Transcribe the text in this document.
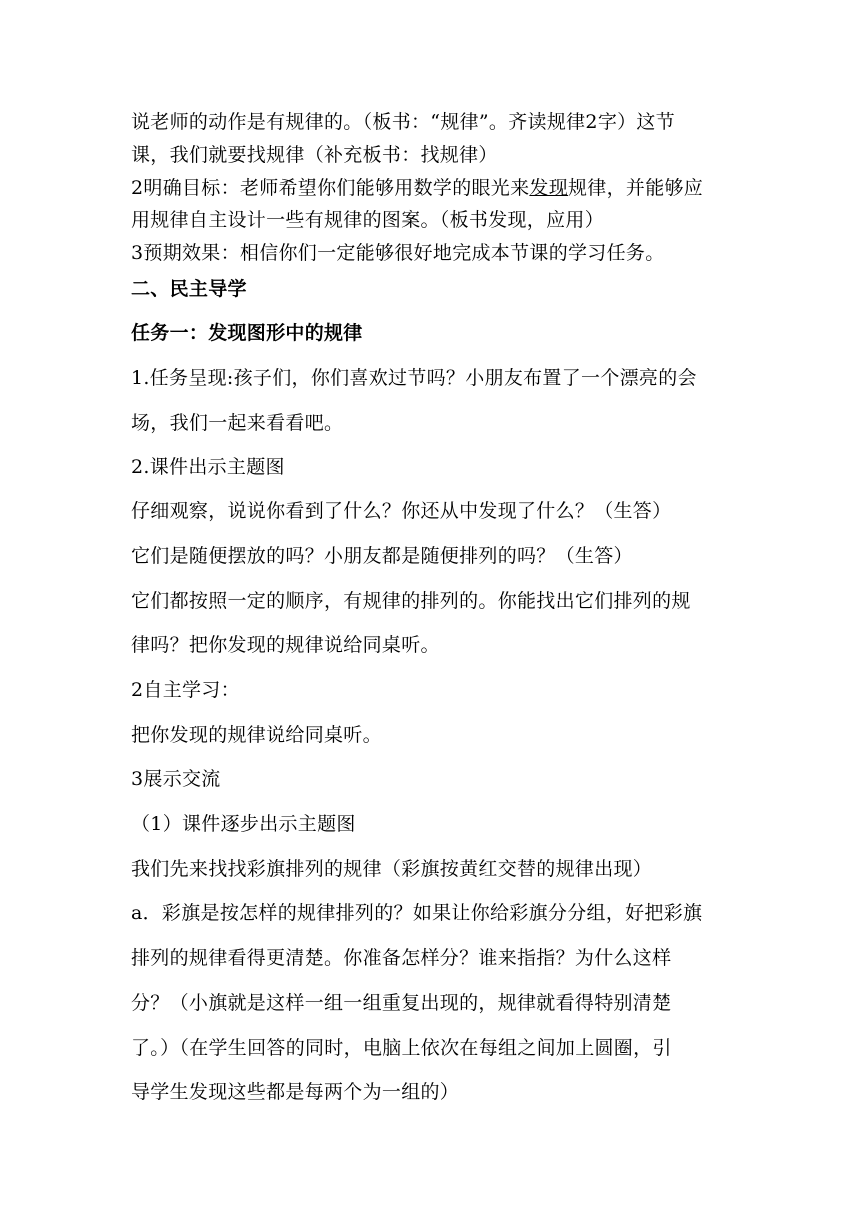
说老师的动作是有规律的。（板书：“规律”。齐读规律2字）这节
课，我们就要找规律（补充板书：找规律）
2明确目标：老师希望你们能够用数学的眼光来发现规律，并能够应
用规律自主设计一些有规律的图案。（板书发现，应用）
3预期效果：相信你们一定能够很好地完成本节课的学习任务。
二、民主导学
任务一：发现图形中的规律
1.任务呈现:孩子们，你们喜欢过节吗？小朋友布置了一个漂亮的会
场，我们一起来看看吧。
2.课件出示主题图
仔细观察，说说你看到了什么？你还从中发现了什么？（生答）
它们是随便摆放的吗？小朋友都是随便排列的吗？（生答）
它们都按照一定的顺序，有规律的排列的。你能找出它们排列的规
律吗？把你发现的规律说给同桌听。
2自主学习：
把你发现的规律说给同桌听。
3展示交流
（1）课件逐步出示主题图
我们先来找找彩旗排列的规律（彩旗按黄红交替的规律出现）
a．彩旗是按怎样的规律排列的？如果让你给彩旗分分组，好把彩旗
排列的规律看得更清楚。你准备怎样分？谁来指指？为什么这样
分？（小旗就是这样一组一组重复出现的，规律就看得特别清楚
了。）（在学生回答的同时，电脑上依次在每组之间加上圆圈，引
导学生发现这些都是每两个为一组的）
